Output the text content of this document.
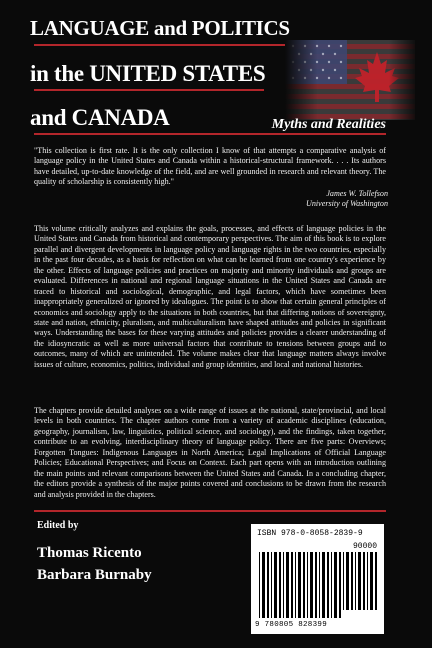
LANGUAGE and POLITICS
in the UNITED STATES
and CANADA	Myths and Realities

"This collection is first rate. It is the only collection I know of that attempts a comparative analysis of language policy in the United States and Canada within a historical-structural framework. . . . Its authors have detailed, up-to-date knowledge of the field, and are well grounded in research and relevant theory. The quality of scholarship is consistently high."

James W. Tollefson
University of Washington

This volume critically analyzes and explains the goals, processes, and effects of language policies in the United States and Canada from historical and contemporary perspectives. The aim of this book is to explore parallel and divergent developments in language policy and language rights in the two countries, especially in the past four decades, as a basis for reflection on what can be learned from one country's experience by the other. Effects of language policies and practices on majority and minority individuals and groups are evaluated. Differences in national and regional language situations in the United States and Canada are traced to historical and sociological, demographic, and legal factors, which have sometimes been inappropriately generalized or ignored by idealogues. The point is to show that certain general principles of economics and sociology apply to the situations in both countries, but that differing notions of sovereignty, state and nation, ethnicity, pluralism, and multiculturalism have shaped attitudes and policies in significant ways. Understanding the bases for these varying attitudes and policies provides a clearer understanding of the idiosyncratic as well as more universal factors that contribute to tensions between groups and to outcomes, many of which are unintended. The volume makes clear that language matters always involve issues of culture, economics, politics, individual and group identities, and local and national histories.

The chapters provide detailed analyses on a wide range of issues at the national, state/provincial, and local levels in both countries. The chapter authors come from a variety of academic disciplines (education, geography, journalism, law, linguistics, political science, and sociology), and the findings, taken together, contribute to an evolving, interdisciplinary theory of language policy. There are five parts: Overviews; Forgotten Tongues: Indigenous Languages in North America; Legal Implications of Official Language Policies; Educational Perspectives; and Focus on Context. Each part opens with an introduction outlining the main points and relevant comparisons between the United States and Canada. In a concluding chapter, the editors provide a synthesis of the major points covered and conclusions to be drawn from the research and analysis provided in the chapters.

Edited by
Thomas Ricento
Barbara Burnaby
ISBN 978-0-8058-2839-9
90000
9 780805 828399
